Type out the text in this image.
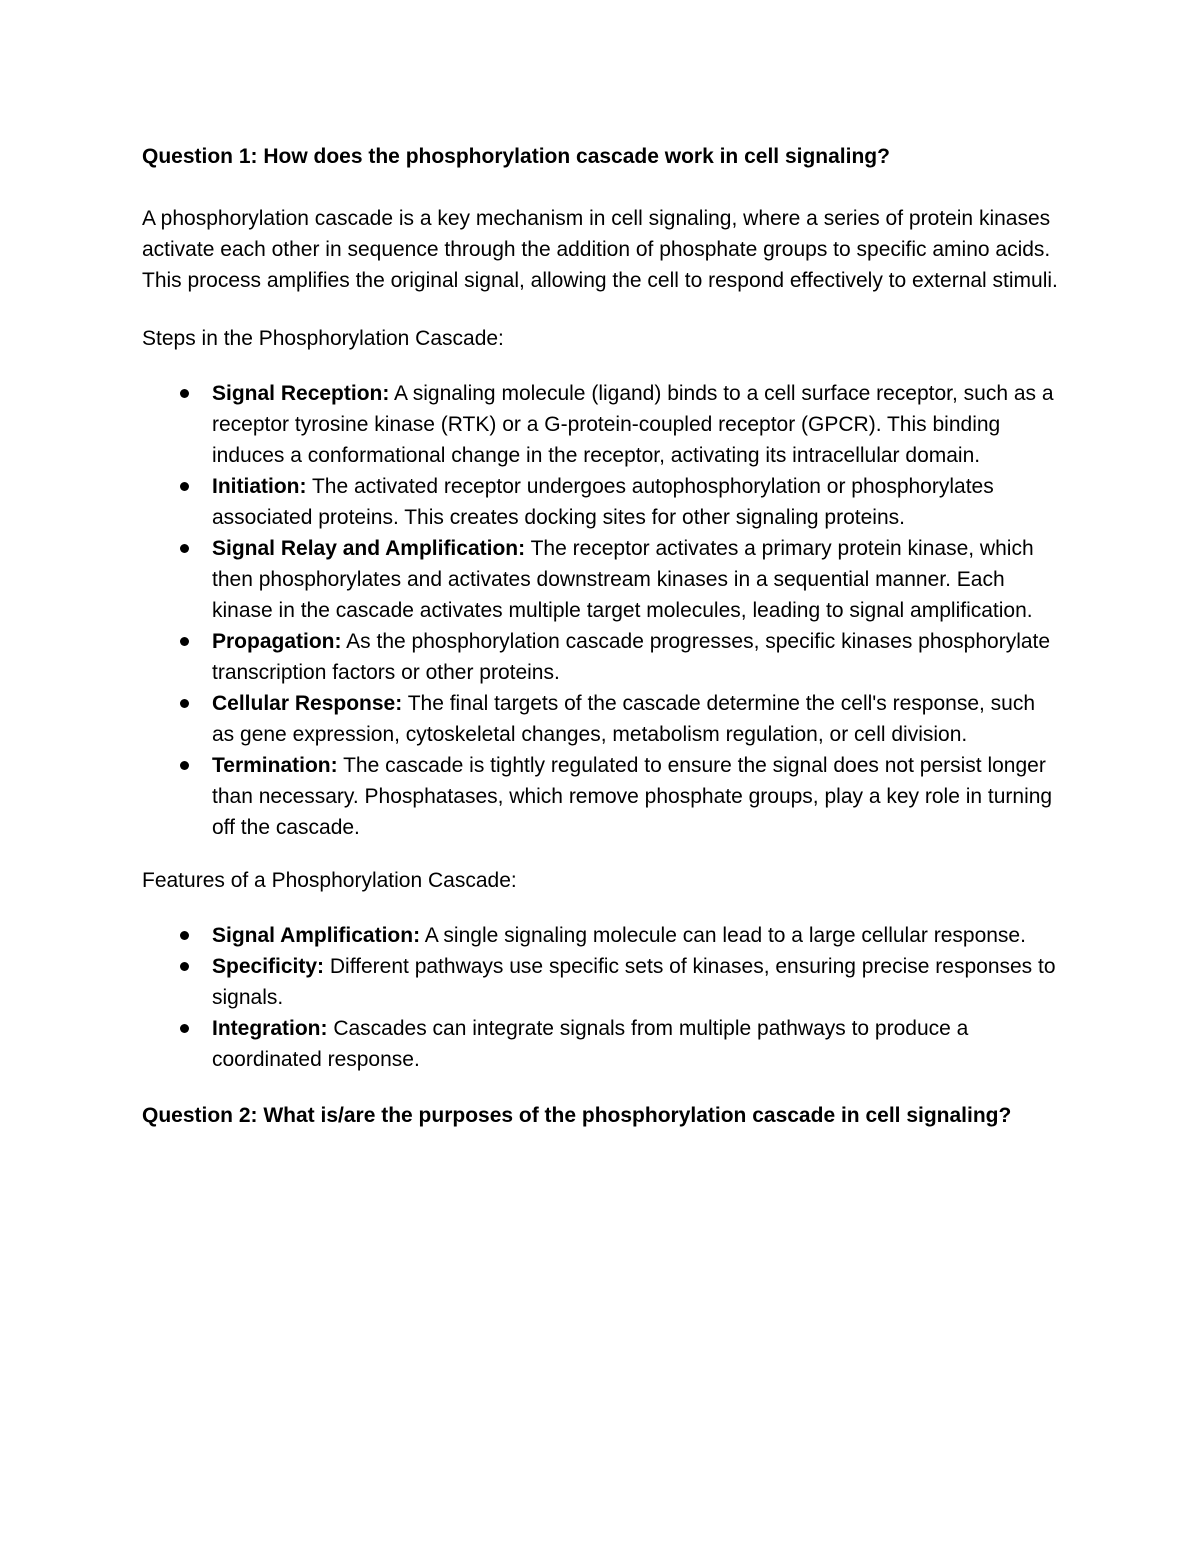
Question 1: How does the phosphorylation cascade work in cell signaling?

A phosphorylation cascade is a key mechanism in cell signaling, where a series of protein kinases activate each other in sequence through the addition of phosphate groups to specific amino acids. This process amplifies the original signal, allowing the cell to respond effectively to external stimuli.

Steps in the Phosphorylation Cascade:

Signal Reception: A signaling molecule (ligand) binds to a cell surface receptor, such as a receptor tyrosine kinase (RTK) or a G-protein-coupled receptor (GPCR). This binding induces a conformational change in the receptor, activating its intracellular domain.
Initiation: The activated receptor undergoes autophosphorylation or phosphorylates associated proteins. This creates docking sites for other signaling proteins.
Signal Relay and Amplification: The receptor activates a primary protein kinase, which then phosphorylates and activates downstream kinases in a sequential manner. Each kinase in the cascade activates multiple target molecules, leading to signal amplification.
Propagation: As the phosphorylation cascade progresses, specific kinases phosphorylate transcription factors or other proteins.
Cellular Response: The final targets of the cascade determine the cell's response, such as gene expression, cytoskeletal changes, metabolism regulation, or cell division.
Termination: The cascade is tightly regulated to ensure the signal does not persist longer than necessary. Phosphatases, which remove phosphate groups, play a key role in turning off the cascade.

Features of a Phosphorylation Cascade:

Signal Amplification: A single signaling molecule can lead to a large cellular response.
Specificity: Different pathways use specific sets of kinases, ensuring precise responses to signals.
Integration: Cascades can integrate signals from multiple pathways to produce a coordinated response.

Question 2: What is/are the purposes of the phosphorylation cascade in cell signaling?
